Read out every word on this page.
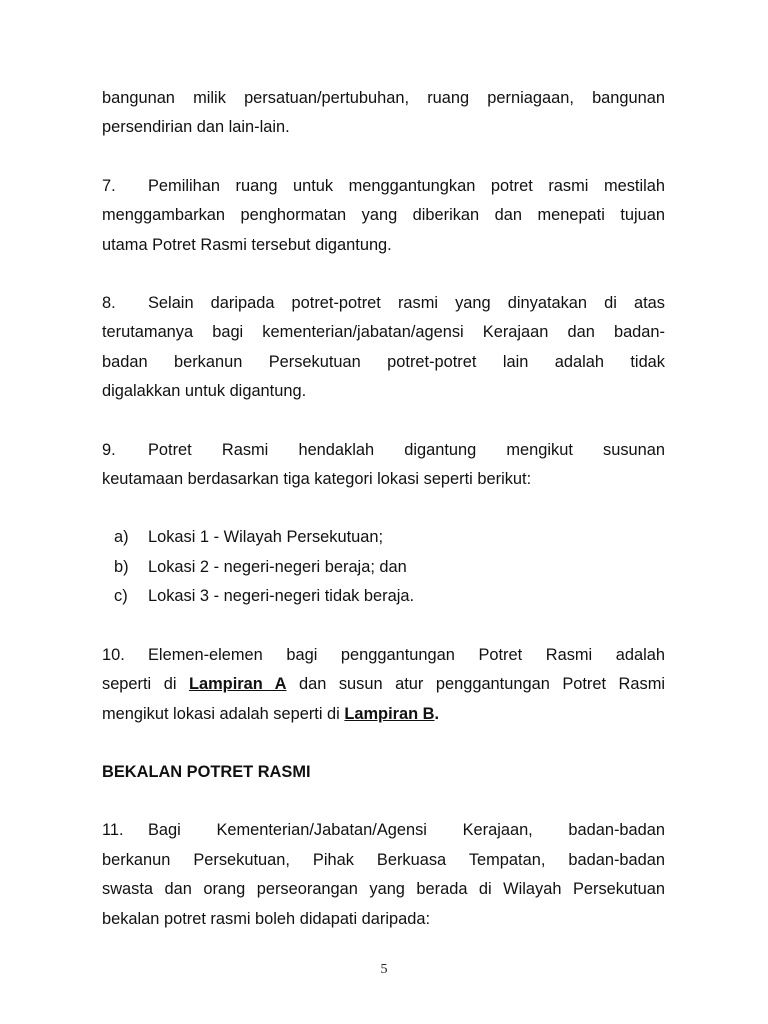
bangunan milik persatuan/pertubuhan, ruang perniagaan, bangunan

persendirian dan lain-lain.

7. Pemilihan ruang untuk menggantungkan potret rasmi mestilah

menggambarkan penghormatan yang diberikan dan menepati tujuan

utama Potret Rasmi tersebut digantung.

8. Selain daripada potret-potret rasmi yang dinyatakan di atas

terutamanya bagi kementerian/jabatan/agensi Kerajaan dan badan-

badan berkanun Persekutuan potret-potret lain adalah tidak

digalakkan untuk digantung.

9. Potret Rasmi hendaklah digantung mengikut susunan

keutamaan berdasarkan tiga kategori lokasi seperti berikut:

a)	Lokasi 1 - Wilayah Persekutuan;
b)	Lokasi 2 - negeri-negeri beraja; dan
c)	Lokasi 3 - negeri-negeri tidak beraja.

10. Elemen-elemen bagi penggantungan Potret Rasmi adalah

seperti di Lampiran A dan susun atur penggantungan Potret Rasmi

mengikut lokasi adalah seperti di Lampiran B.

BEKALAN POTRET RASMI

11. Bagi Kementerian/Jabatan/Agensi Kerajaan, badan-badan

berkanun Persekutuan, Pihak Berkuasa Tempatan, badan-badan

swasta dan orang perseorangan yang berada di Wilayah Persekutuan

bekalan potret rasmi boleh didapati daripada:

5
